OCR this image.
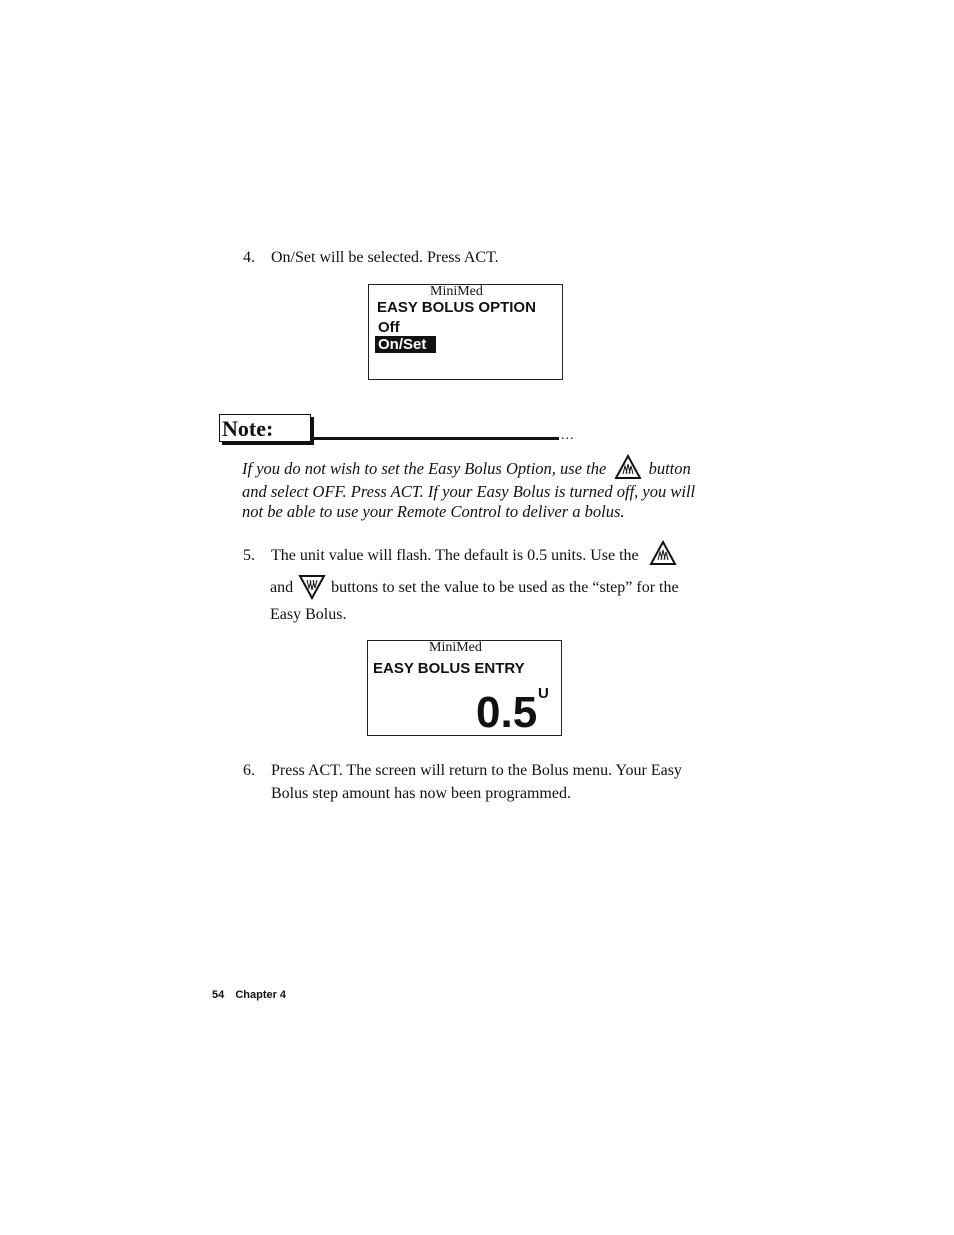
4. On/Set will be selected. Press ACT.
MiniMed
EASY BOLUS OPTION
Off
On/Set
Note:	...
If you do not wish to set the Easy Bolus Option, use the	button
and select OFF. Press ACT. If your Easy Bolus is turned off, you will
not be able to use your Remote Control to deliver a bolus.
5. The unit value will flash. The default is 0.5 units. Use the
and buttons to set the value to be used as the “step” for the
Easy Bolus.
MiniMed
EASY BOLUS ENTRY
0.5 U
6. Press ACT. The screen will return to the Bolus menu. Your Easy
Bolus step amount has now been programmed.
54 Chapter 4
